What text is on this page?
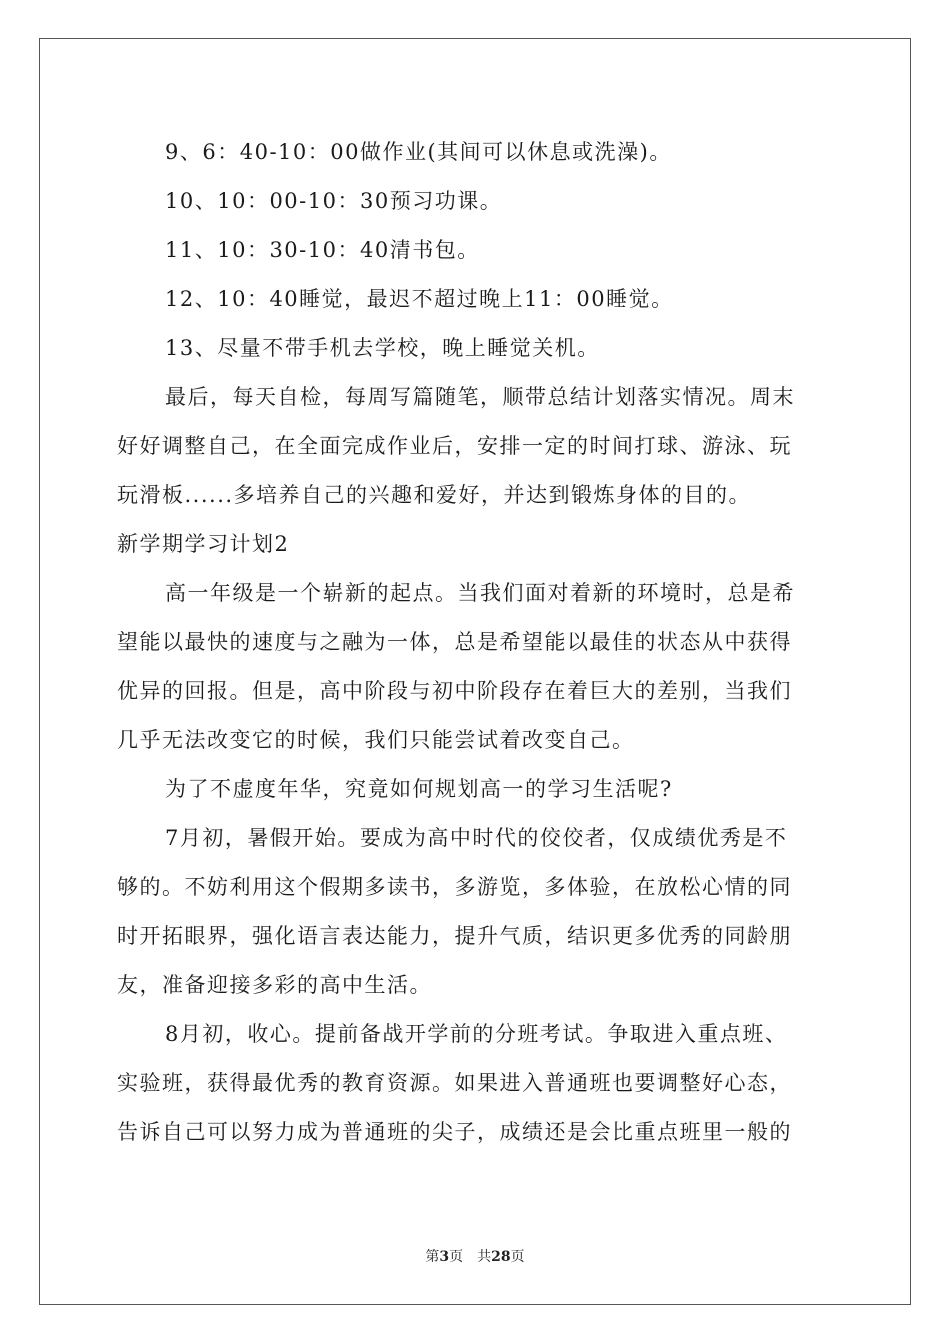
9、6：40-10：00做作业(其间可以休息或洗澡)。
10、10：00-10：30预习功课。
11、10：30-10：40清书包。
12、10：40睡觉，最迟不超过晚上11：00睡觉。
13、尽量不带手机去学校，晚上睡觉关机。
最后，每天自检，每周写篇随笔，顺带总结计划落实情况。周末
好好调整自己，在全面完成作业后，安排一定的时间打球、游泳、玩
玩滑板......多培养自己的兴趣和爱好，并达到锻炼身体的目的。
新学期学习计划2
高一年级是一个崭新的起点。当我们面对着新的环境时，总是希
望能以最快的速度与之融为一体，总是希望能以最佳的状态从中获得
优异的回报。但是，高中阶段与初中阶段存在着巨大的差别，当我们
几乎无法改变它的时候，我们只能尝试着改变自己。
为了不虚度年华，究竟如何规划高一的学习生活呢?
7月初，暑假开始。要成为高中时代的佼佼者，仅成绩优秀是不
够的。不妨利用这个假期多读书，多游览，多体验，在放松心情的同
时开拓眼界，强化语言表达能力，提升气质，结识更多优秀的同龄朋
友，准备迎接多彩的高中生活。
8月初，收心。提前备战开学前的分班考试。争取进入重点班、
实验班，获得最优秀的教育资源。如果进入普通班也要调整好心态，
告诉自己可以努力成为普通班的尖子，成绩还是会比重点班里一般的
第3页　共28页
